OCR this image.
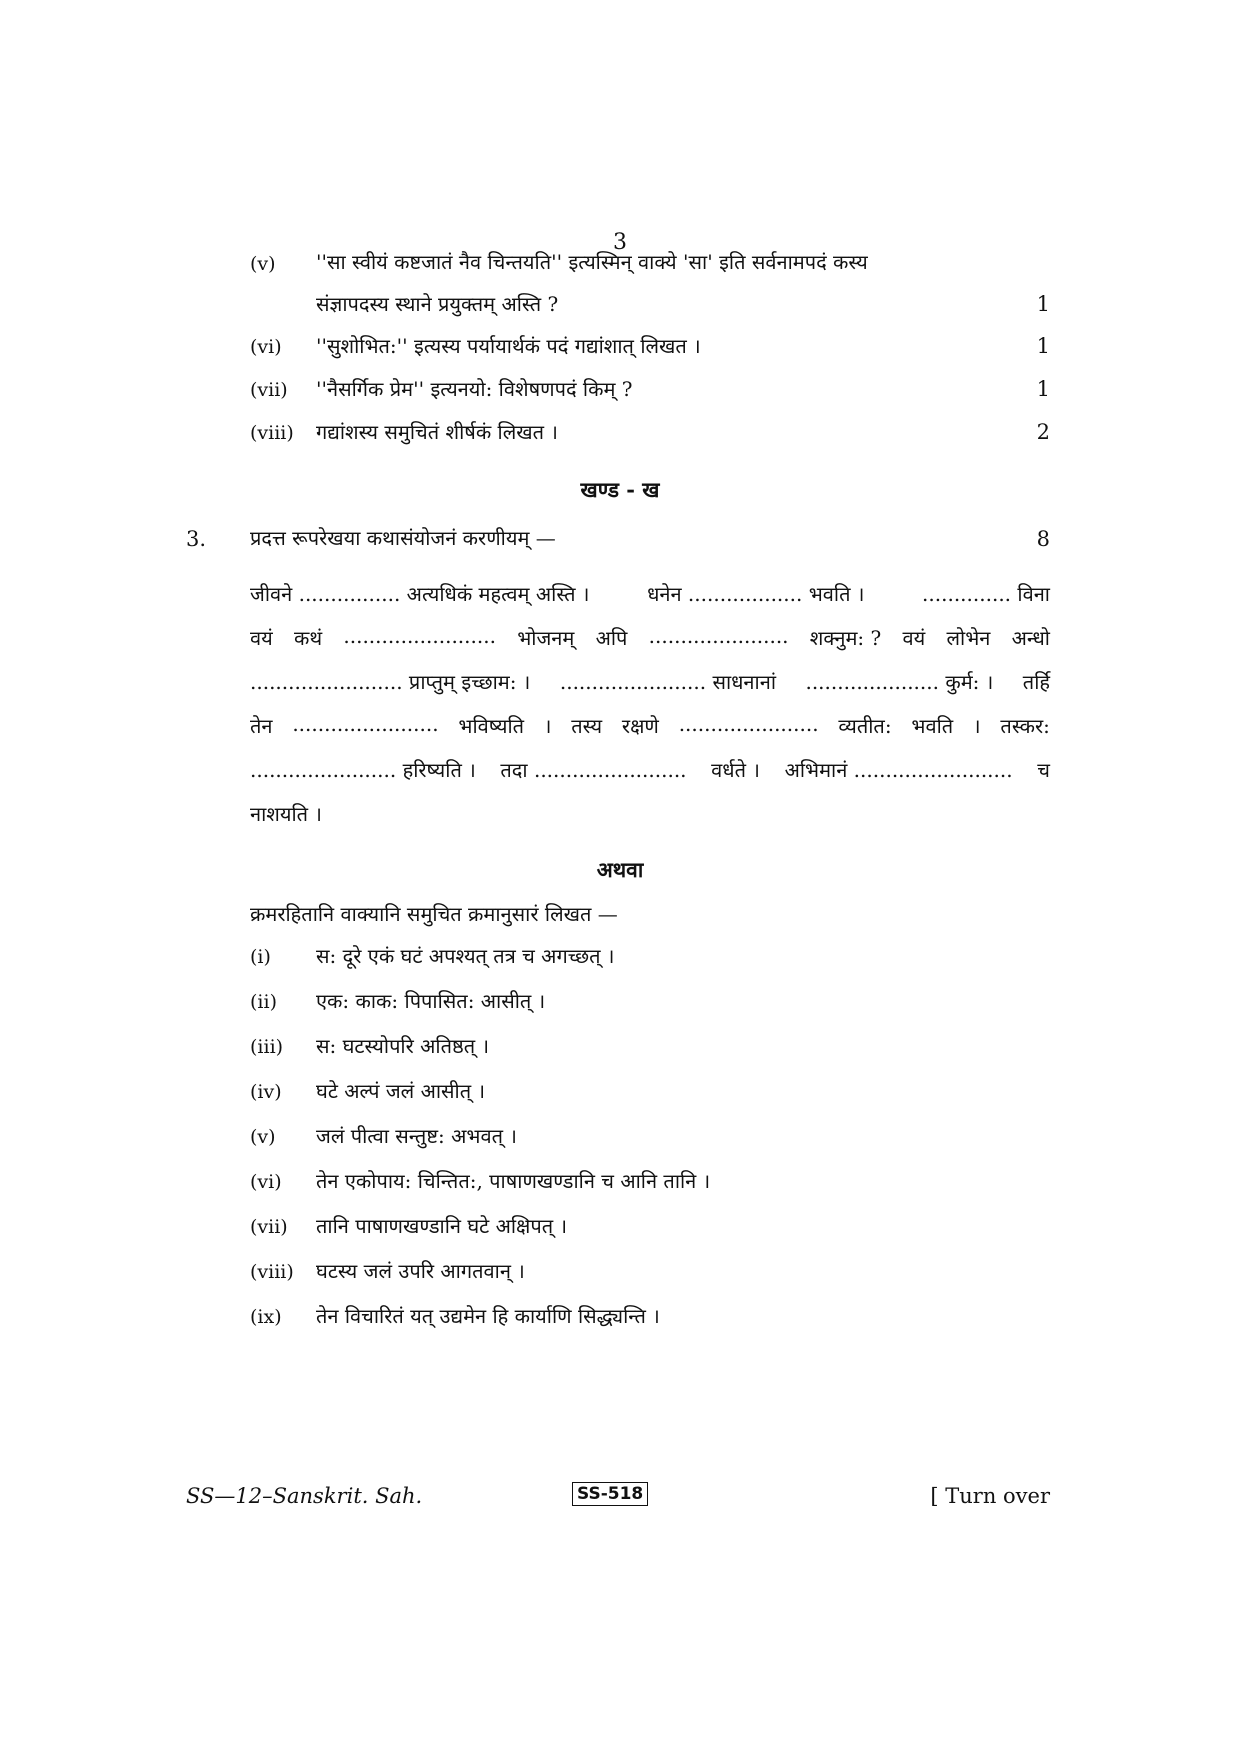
3
(v) ''सा स्वीयं कष्टजातं नैव चिन्तयति'' इत्यस्मिन् वाक्ये 'सा' इति सर्वनामपदं कस्य
संज्ञापदस्य स्थाने प्रयुक्तम् अस्ति ?	1
(vi) ''सुशोभित:'' इत्यस्य पर्यायार्थकं पदं गद्यांशात् लिखत ।	1
(vii) ''नैसर्गिक प्रेम'' इत्यनयो: विशेषणपदं किम् ?	1
(viii) गद्यांशस्य समुचितं शीर्षकं लिखत ।	2
खण्ड - ख
3. प्रदत्त रूपरेखया कथासंयोजनं करणीयम् —	8
जीवने ................ अत्यधिकं महत्वम् अस्ति ।	धनेन .................. भवति ।	.............. विना
वयं कथं ........................ भोजनम् अपि ...................... शक्नुम: ? वयं लोभेन अन्धो
........................ प्राप्तुम् इच्छाम: । ....................... साधनानां ..................... कुर्म: । तर्हि
तेन ....................... भविष्यति । तस्य रक्षणे ...................... व्यतीत: भवति । तस्कर:
....................... हरिष्यति । तदा ........................ वर्धते । अभिमानं ......................... च
नाशयति ।
अथवा
क्रमरहितानि वाक्यानि समुचित क्रमानुसारं लिखत —
(i) स: दूरे एकं घटं अपश्यत् तत्र च अगच्छत् ।
(ii) एक: काक: पिपासित: आसीत् ।
(iii) स: घटस्योपरि अतिष्ठत् ।
(iv) घटे अल्पं जलं आसीत् ।
(v) जलं पीत्वा सन्तुष्ट: अभवत् ।
(vi) तेन एकोपाय: चिन्तित:, पाषाणखण्डानि च आनि तानि ।
(vii) तानि पाषाणखण्डानि घटे अक्षिपत् ।
(viii) घटस्य जलं उपरि आगतवान् ।
(ix) तेन विचारितं यत् उद्यमेन हि कार्याणि सिद्ध्यन्ति ।
SS—12–Sanskrit. Sah.	SS-518	[ Turn over
